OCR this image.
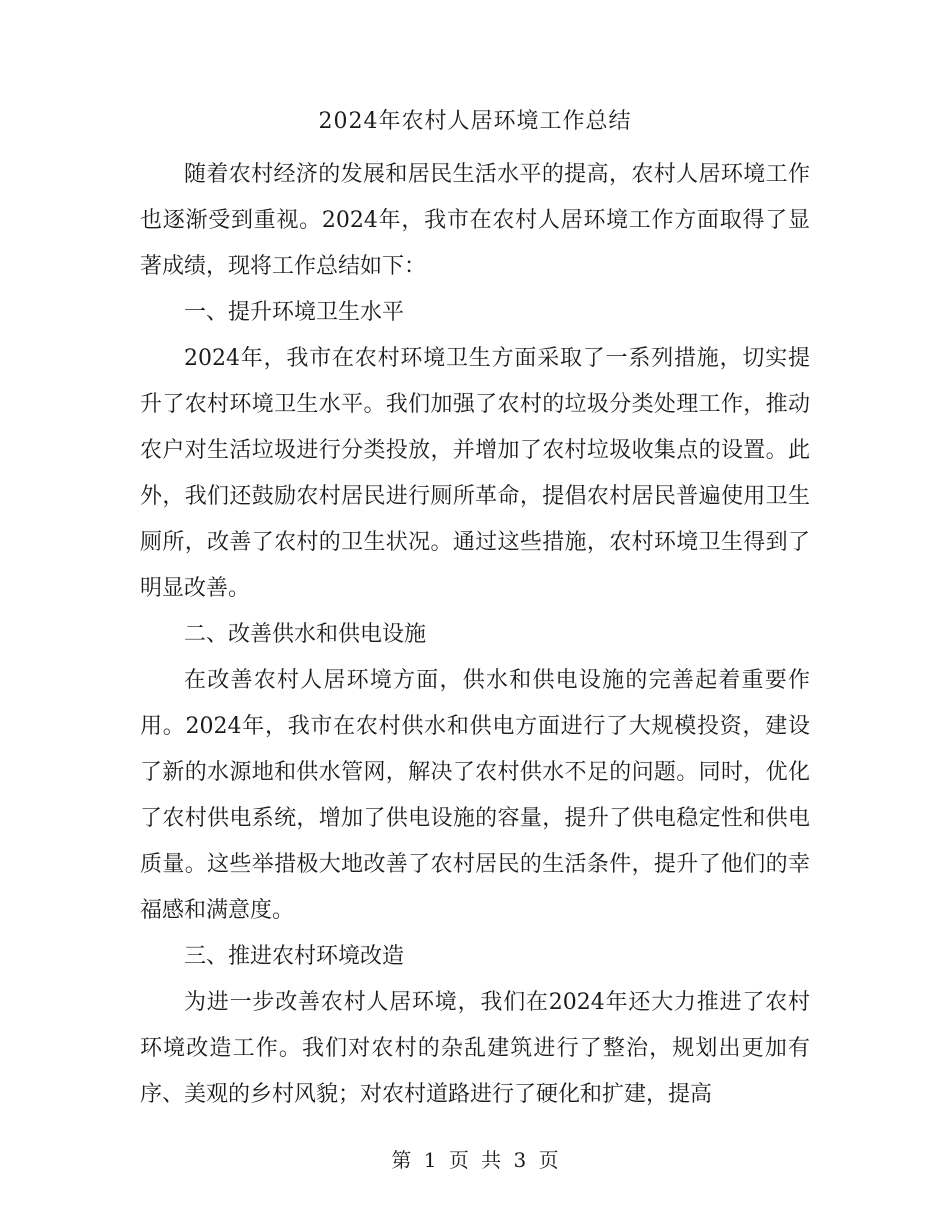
2024年农村人居环境工作总结

随着农村经济的发展和居民生活水平的提高，农村人居环境工作也逐渐受到重视。2024年，我市在农村人居环境工作方面取得了显著成绩，现将工作总结如下：

一、提升环境卫生水平

2024年，我市在农村环境卫生方面采取了一系列措施，切实提升了农村环境卫生水平。我们加强了农村的垃圾分类处理工作，推动农户对生活垃圾进行分类投放，并增加了农村垃圾收集点的设置。此外，我们还鼓励农村居民进行厕所革命，提倡农村居民普遍使用卫生厕所，改善了农村的卫生状况。通过这些措施，农村环境卫生得到了明显改善。

二、改善供水和供电设施

在改善农村人居环境方面，供水和供电设施的完善起着重要作用。2024年，我市在农村供水和供电方面进行了大规模投资，建设了新的水源地和供水管网，解决了农村供水不足的问题。同时，优化了农村供电系统，增加了供电设施的容量，提升了供电稳定性和供电质量。这些举措极大地改善了农村居民的生活条件，提升了他们的幸福感和满意度。

三、推进农村环境改造

为进一步改善农村人居环境，我们在2024年还大力推进了农村环境改造工作。我们对农村的杂乱建筑进行了整治，规划出更加有序、美观的乡村风貌；对农村道路进行了硬化和扩建，提高

第 1 页 共 3 页
